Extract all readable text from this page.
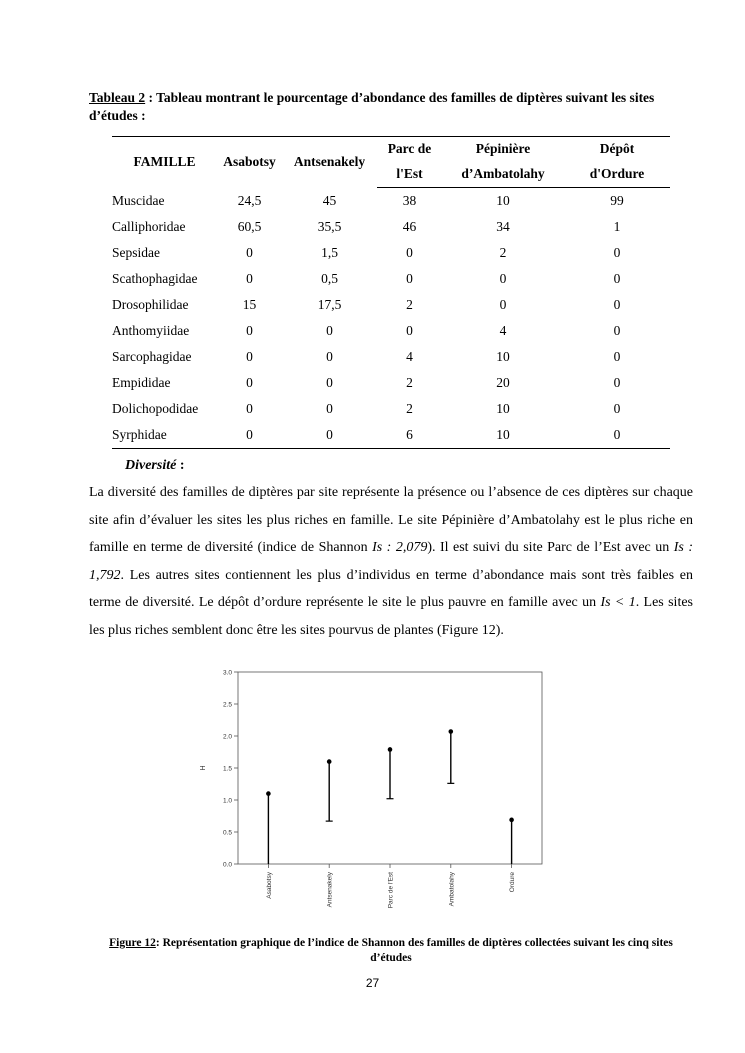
Tableau 2 : Tableau montrant le pourcentage d’abondance des familles de diptères suivant les sites d’études :
FAMILLE	Asabotsy	Antsenakely	Parc de	Pépinière	Dépôt
			l'Est	d’Ambatolahy	d'Ordure
Muscidae	24,5	45	38	10	99
Calliphoridae	60,5	35,5	46	34	1
Sepsidae	0	1,5	0	2	0
Scathophagidae	0	0,5	0	0	0
Drosophilidae	15	17,5	2	0	0
Anthomyiidae	0	0	0	4	0
Sarcophagidae	0	0	4	10	0
Empididae	0	0	2	20	0
Dolichopodidae	0	0	2	10	0
Syrphidae	0	0	6	10	0
Diversité :
La diversité des familles de diptères par site représente la présence ou l’absence de ces diptères sur chaque site afin d’évaluer les sites les plus riches en famille. Le site Pépinière d’Ambatolahy est le plus riche en famille en terme de diversité (indice de Shannon Is : 2,079). Il est suivi du site Parc de l’Est avec un Is : 1,792. Les autres sites contiennent les plus d’individus en terme d’abondance mais sont très faibles en terme de diversité. Le dépôt d’ordure représente le site le plus pauvre en famille avec un Is < 1. Les sites les plus riches semblent donc être les sites pourvus de plantes (Figure 12).
0.0
0.5
1.0
1.5
2.0
2.5
3.0
H
Asabotsy	Antsenakely	Parc de l'Est	Ambatolahy	Ordure
Figure 12: Représentation graphique de l’indice de Shannon des familles de diptères collectées suivant les cinq sites d’études
27
